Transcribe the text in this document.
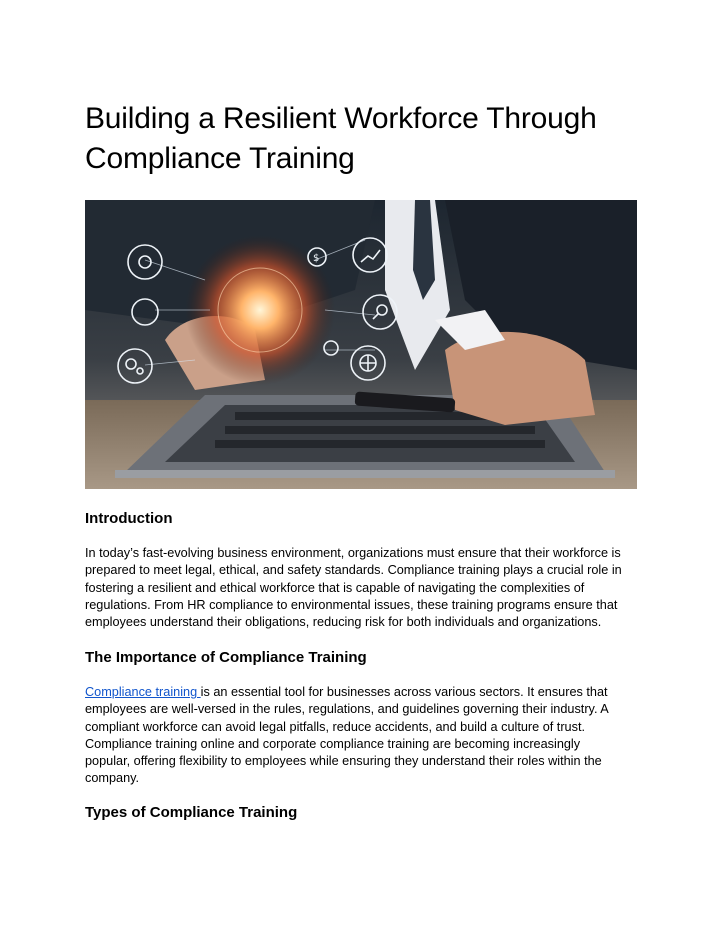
Building a Resilient Workforce Through
Compliance Training
$
Introduction

In today’s fast-evolving business environment, organizations must ensure that their workforce is
prepared to meet legal, ethical, and safety standards. Compliance training plays a crucial role in
fostering a resilient and ethical workforce that is capable of navigating the complexities of
regulations. From HR compliance to environmental issues, these training programs ensure that
employees understand their obligations, reducing risk for both individuals and organizations.

The Importance of Compliance Training

Compliance training is an essential tool for businesses across various sectors. It ensures that
employees are well-versed in the rules, regulations, and guidelines governing their industry. A
compliant workforce can avoid legal pitfalls, reduce accidents, and build a culture of trust.
Compliance training online and corporate compliance training are becoming increasingly
popular, offering flexibility to employees while ensuring they understand their roles within the
company.

Types of Compliance Training
